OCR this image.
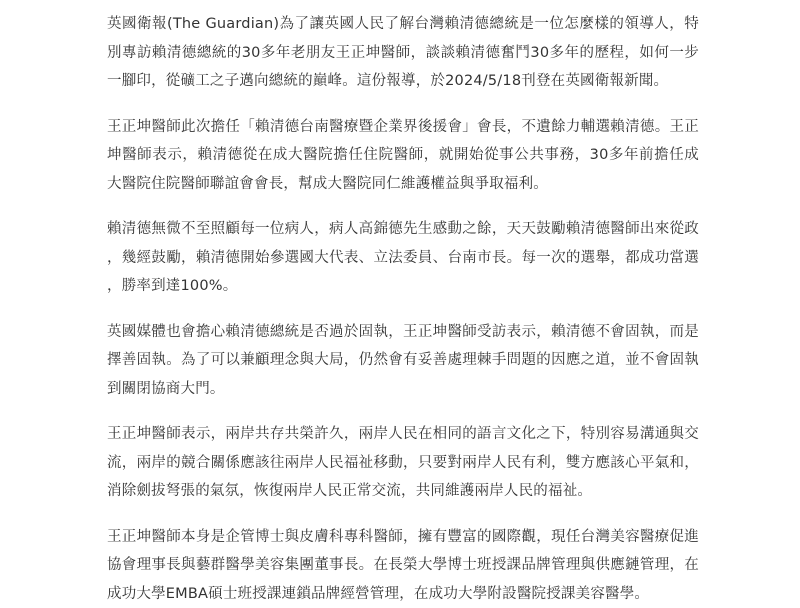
英國衛報(The Guardian)為了讓英國人民了解台灣賴清德總統是一位怎麼樣的領導人，特別專訪賴清德總統的30多年老朋友王正坤醫師，談談賴清德奮鬥30多年的歷程，如何一步一腳印，從礦工之子邁向總統的巔峰。這份報導，於2024/5/18刊登在英國衛報新聞。

王正坤醫師此次擔任「賴清德台南醫療暨企業界後援會」會長，不遺餘力輔選賴清德。王正坤醫師表示，賴清德從在成大醫院擔任住院醫師，就開始從事公共事務，30多年前擔任成大醫院住院醫師聯誼會會長，幫成大醫院同仁維護權益與爭取福利。

賴清德無微不至照顧每一位病人，病人高錦德先生感動之餘，天天鼓勵賴清德醫師出來從政，幾經鼓勵，賴清德開始參選國大代表、立法委員、台南市長。每一次的選舉，都成功當選，勝率到達100%。

英國媒體也會擔心賴清德總統是否過於固執，王正坤醫師受訪表示，賴清德不會固執，而是擇善固執。為了可以兼顧理念與大局，仍然會有妥善處理棘手問題的因應之道，並不會固執到關閉協商大門。

王正坤醫師表示，兩岸共存共榮許久，兩岸人民在相同的語言文化之下，特別容易溝通與交流，兩岸的競合關係應該往兩岸人民福祉移動，只要對兩岸人民有利，雙方應該心平氣和，消除劍拔弩張的氣氛，恢復兩岸人民正常交流，共同維護兩岸人民的福祉。

王正坤醫師本身是企管博士與皮膚科專科醫師，擁有豐富的國際觀，現任台灣美容醫療促進協會理事長與藝群醫學美容集團董事長。在長榮大學博士班授課品牌管理與供應鏈管理，在成功大學EMBA碩士班授課連鎖品牌經營管理，在成功大學附設醫院授課美容醫學。
